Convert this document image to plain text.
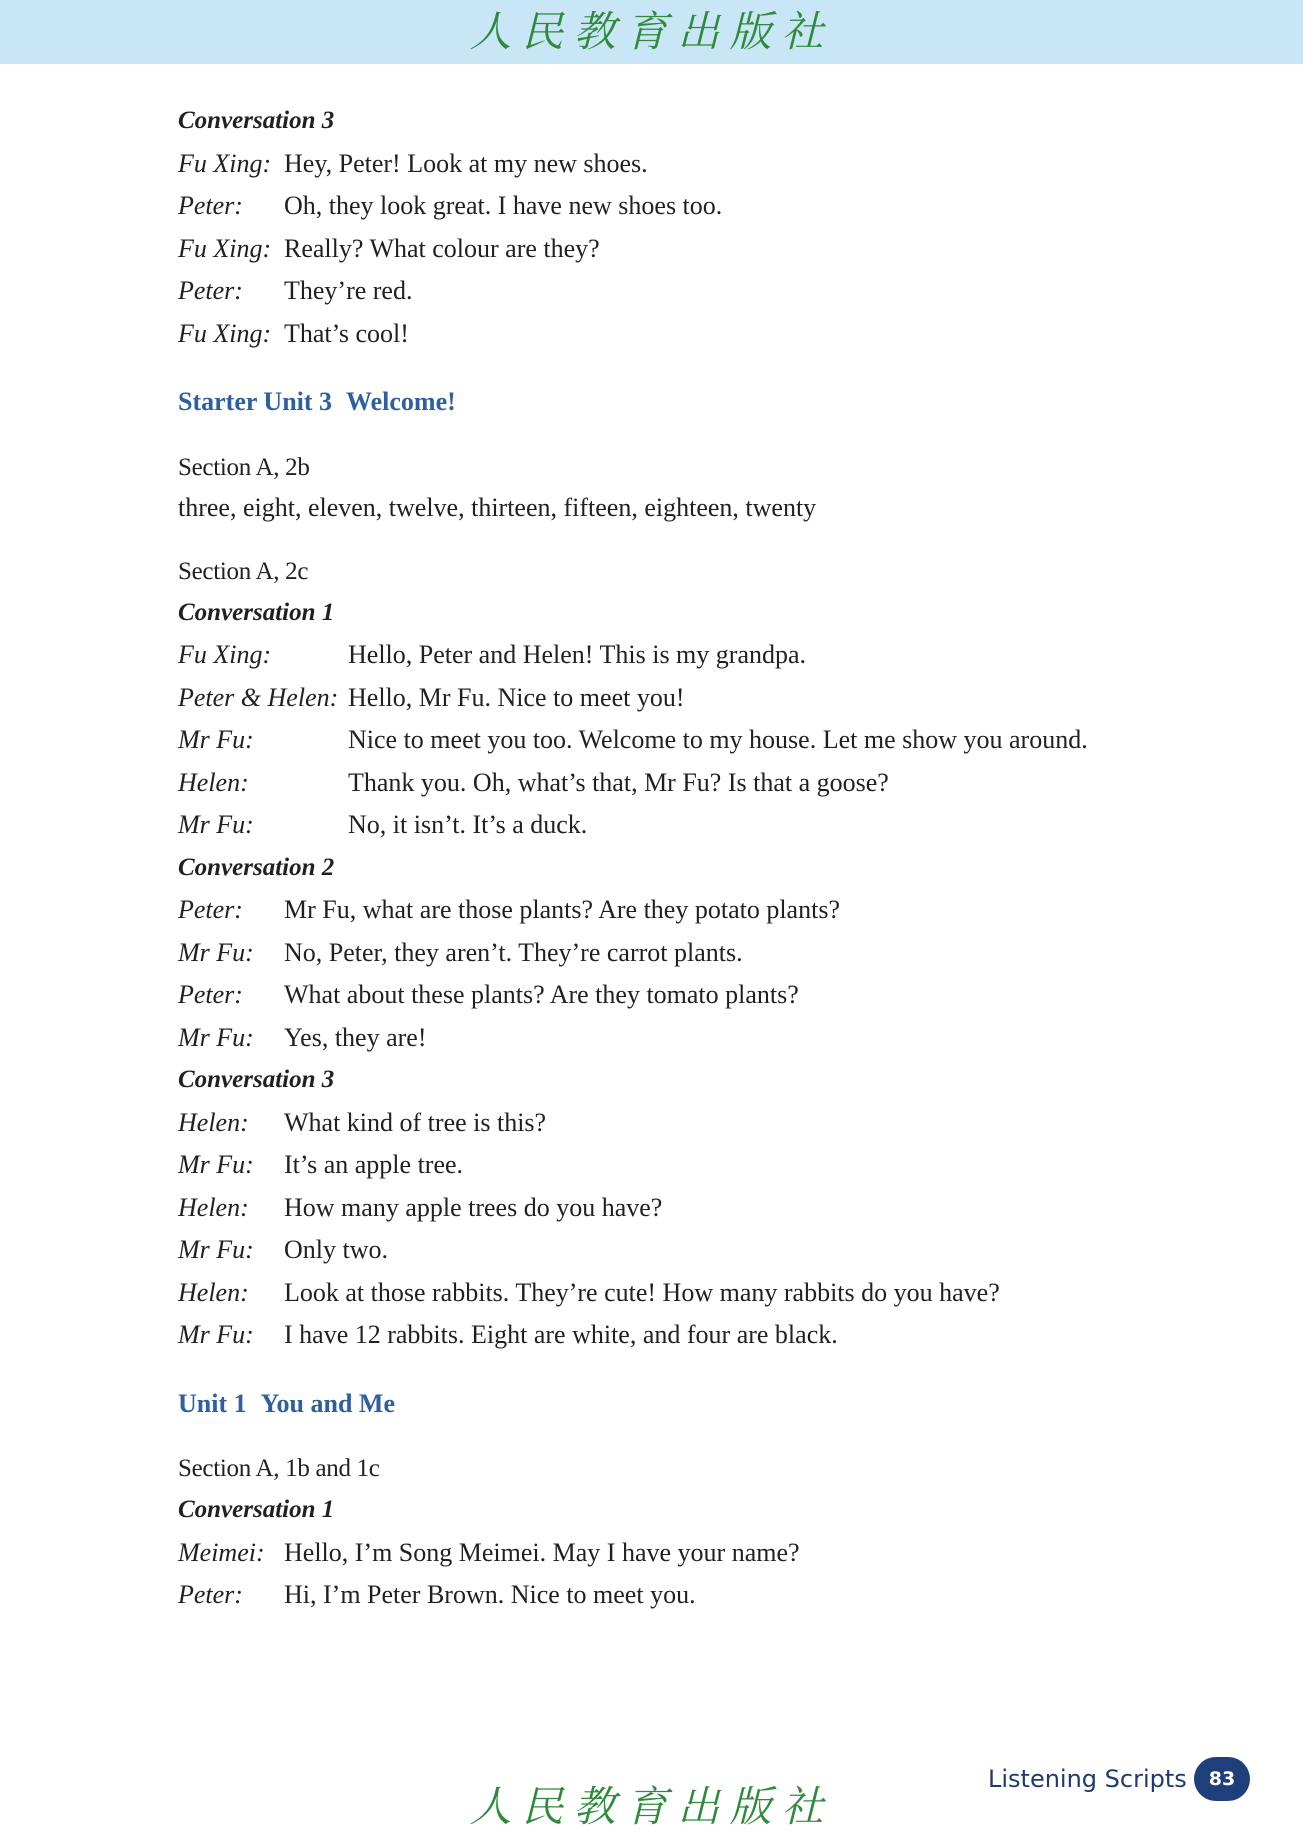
人民教育出版社
Conversation 3
Fu Xing: Hey, Peter! Look at my new shoes.
Peter:	Oh, they look great. I have new shoes too.
Fu Xing: Really? What colour are they?
Peter:	They’re red.
Fu Xing: That’s cool!
Starter Unit 3 Welcome!
Section A, 2b
three, eight, eleven, twelve, thirteen, fifteen, eighteen, twenty
Section A, 2c
Conversation 1
Fu Xing:	Hello, Peter and Helen! This is my grandpa.
Peter & Helen: Hello, Mr Fu. Nice to meet you!
Mr Fu:	Nice to meet you too. Welcome to my house. Let me show you around.
Helen:	Thank you. Oh, what’s that, Mr Fu? Is that a goose?
Mr Fu:	No, it isn’t. It’s a duck.
Conversation 2
Peter:	Mr Fu, what are those plants? Are they potato plants?
Mr Fu:	No, Peter, they aren’t. They’re carrot plants.
Peter:	What about these plants? Are they tomato plants?
Mr Fu:	Yes, they are!
Conversation 3
Helen:	What kind of tree is this?
Mr Fu:	It’s an apple tree.
Helen:	How many apple trees do you have?
Mr Fu:	Only two.
Helen:	Look at those rabbits. They’re cute! How many rabbits do you have?
Mr Fu:	I have 12 rabbits. Eight are white, and four are black.
Unit 1 You and Me
Section A, 1b and 1c
Conversation 1
Meimei: Hello, I’m Song Meimei. May I have your name?
Peter:	Hi, I’m Peter Brown. Nice to meet you.
Listening Scripts	83
人民教育出版社
